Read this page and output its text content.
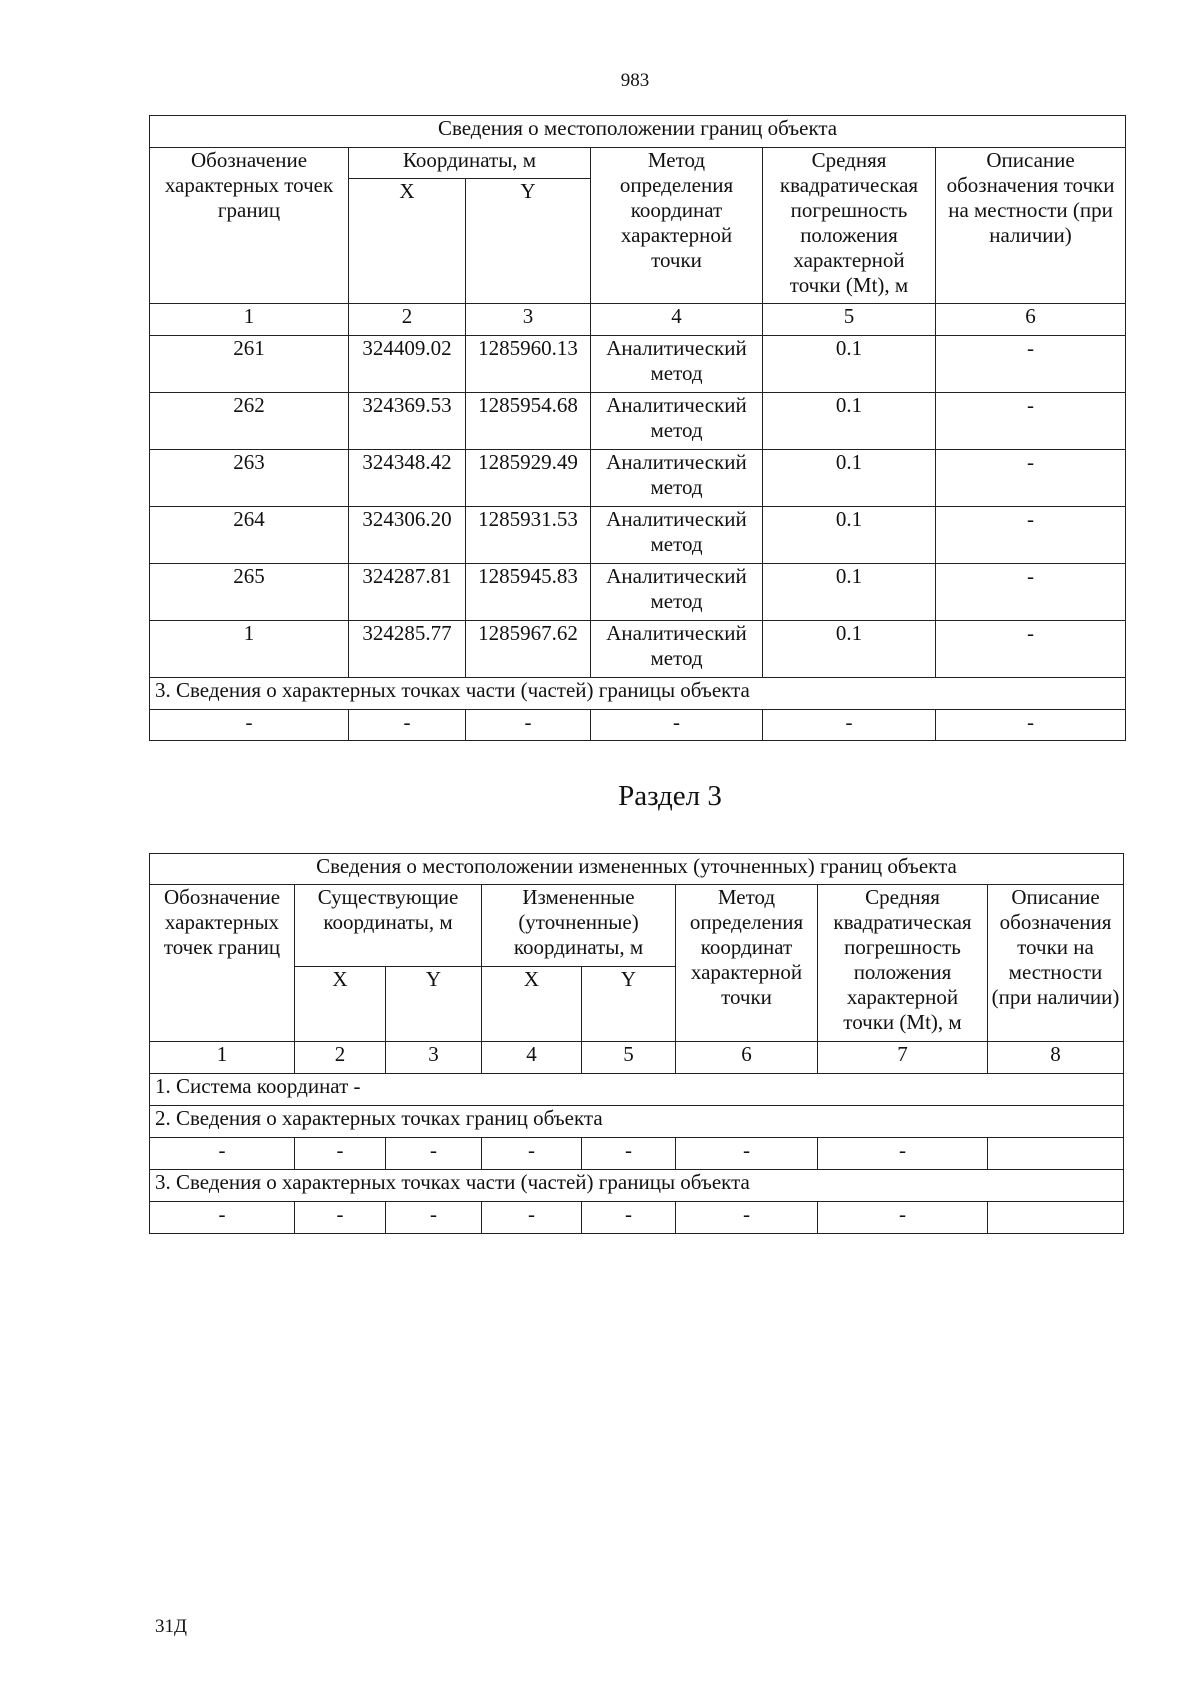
983
Сведения о местоположении границ объекта					
Обозначение характерных точек границ	Координаты, м		Метод определения координат характерной точки	Средняя квадратическая погрешность положения характерной точки (Mt), м	Описание обозначения точки на местности (при наличии)
	X	Y			
1	2	3	4	5	6
261	324409.02	1285960.13	Аналитический метод	0.1	-
262	324369.53	1285954.68	Аналитический метод	0.1	-
263	324348.42	1285929.49	Аналитический метод	0.1	-
264	324306.20	1285931.53	Аналитический метод	0.1	-
265	324287.81	1285945.83	Аналитический метод	0.1	-
1	324285.77	1285967.62	Аналитический метод	0.1	-
3. Сведения о характерных точках части (частей) границы объекта					
-	-	-	-	-	-
Раздел 3
Сведения о местоположении измененных (уточненных) границ объекта							
Обозначение характерных точек границ	Существующие координаты, м		Измененные (уточненные) координаты, м		Метод определения координат характерной точки	Средняя квадратическая погрешность положения характерной точки (Mt), м	Описание обозначения точки на местности (при наличии)
	X	Y	X	Y			
1	2	3	4	5	6	7	8
1. Система координат -							
2. Сведения о характерных точках границ объекта							
-	-	-	-	-	-	-	
3. Сведения о характерных точках части (частей) границы объекта							
-	-	-	-	-	-	-	
31Д
